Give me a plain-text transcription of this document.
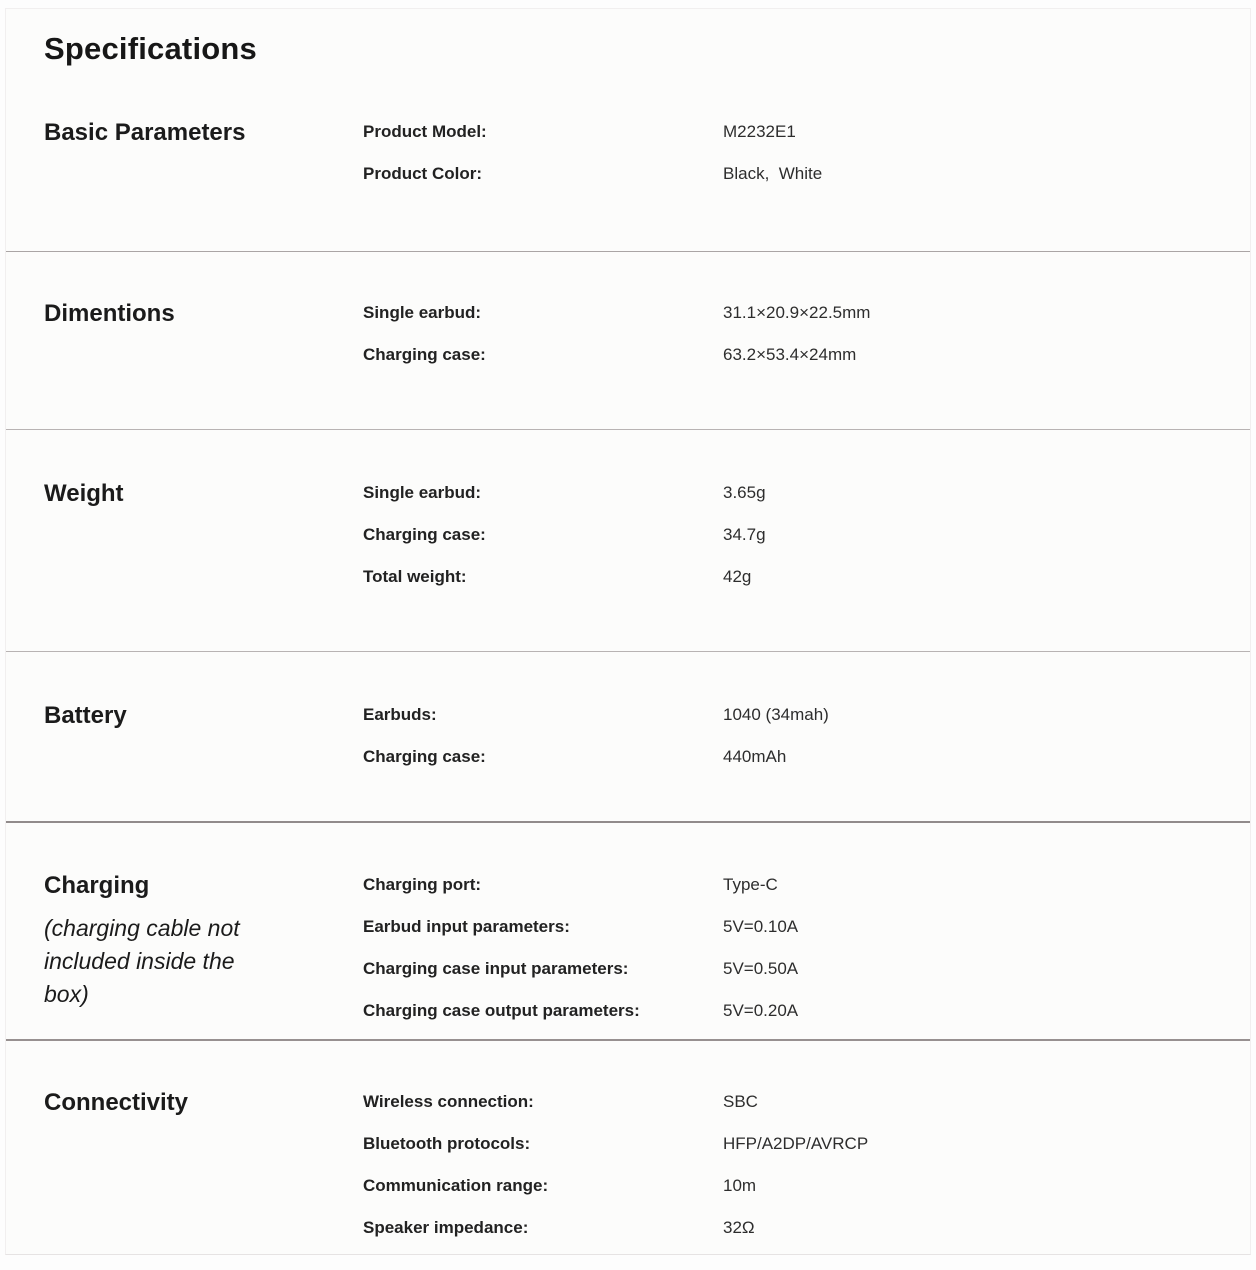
Specifications
Basic Parameters	Product Model:	M2232E1
Product Color:	Black,  White
Dimentions	Single earbud:	31.1×20.9×22.5mm
Charging case:	63.2×53.4×24mm
Weight	Single earbud:	3.65g
Charging case:	34.7g
Total weight:	42g
Battery	Earbuds:	1040 (34mah)
Charging case:	440mAh
Charging
(charging cable not included inside the box)
Charging port:	Type-C
Earbud input parameters:	5V=0.10A
Charging case input parameters:	5V=0.50A
Charging case output parameters:	5V=0.20A
Connectivity	Wireless connection:	SBC
Bluetooth protocols:	HFP/A2DP/AVRCP
Communication range:	10m
Speaker impedance:	32Ω
